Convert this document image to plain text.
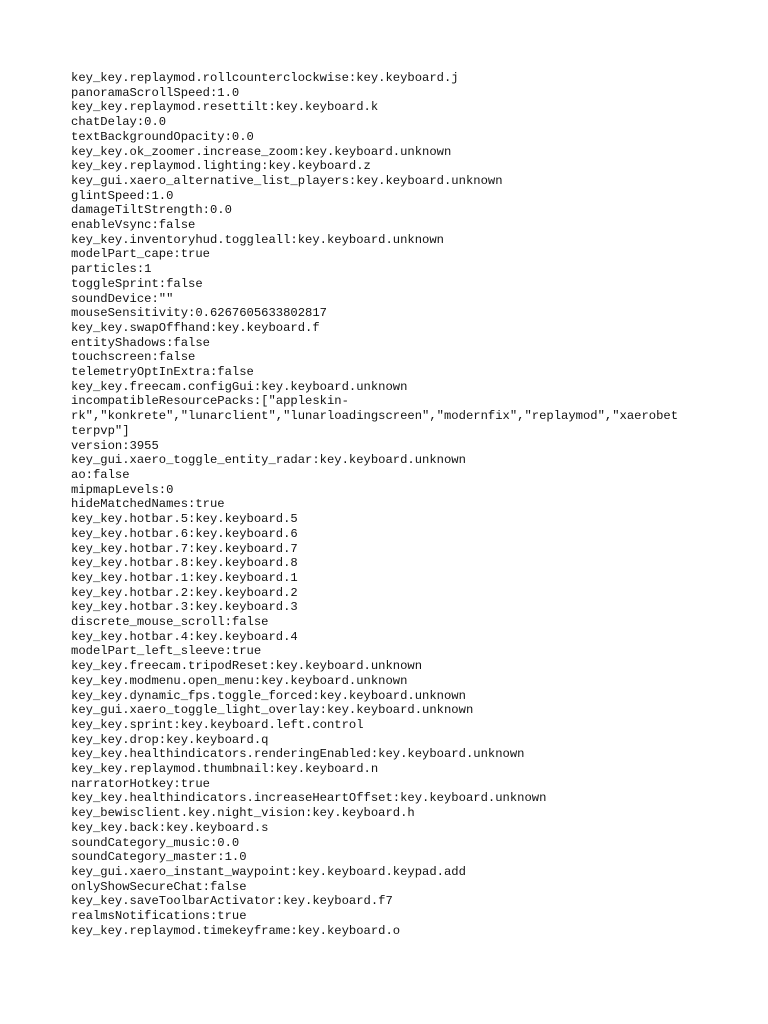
key_key.replaymod.rollcounterclockwise:key.keyboard.j
panoramaScrollSpeed:1.0
key_key.replaymod.resettilt:key.keyboard.k
chatDelay:0.0
textBackgroundOpacity:0.0
key_key.ok_zoomer.increase_zoom:key.keyboard.unknown
key_key.replaymod.lighting:key.keyboard.z
key_gui.xaero_alternative_list_players:key.keyboard.unknown
glintSpeed:1.0
damageTiltStrength:0.0
enableVsync:false
key_key.inventoryhud.toggleall:key.keyboard.unknown
modelPart_cape:true
particles:1
toggleSprint:false
soundDevice:""
mouseSensitivity:0.6267605633802817
key_key.swapOffhand:key.keyboard.f
entityShadows:false
touchscreen:false
telemetryOptInExtra:false
key_key.freecam.configGui:key.keyboard.unknown
incompatibleResourcePacks:["appleskin-
rk","konkrete","lunarclient","lunarloadingscreen","modernfix","replaymod","xaerobet
terpvp"]
version:3955
key_gui.xaero_toggle_entity_radar:key.keyboard.unknown
ao:false
mipmapLevels:0
hideMatchedNames:true
key_key.hotbar.5:key.keyboard.5
key_key.hotbar.6:key.keyboard.6
key_key.hotbar.7:key.keyboard.7
key_key.hotbar.8:key.keyboard.8
key_key.hotbar.1:key.keyboard.1
key_key.hotbar.2:key.keyboard.2
key_key.hotbar.3:key.keyboard.3
discrete_mouse_scroll:false
key_key.hotbar.4:key.keyboard.4
modelPart_left_sleeve:true
key_key.freecam.tripodReset:key.keyboard.unknown
key_key.modmenu.open_menu:key.keyboard.unknown
key_key.dynamic_fps.toggle_forced:key.keyboard.unknown
key_gui.xaero_toggle_light_overlay:key.keyboard.unknown
key_key.sprint:key.keyboard.left.control
key_key.drop:key.keyboard.q
key_key.healthindicators.renderingEnabled:key.keyboard.unknown
key_key.replaymod.thumbnail:key.keyboard.n
narratorHotkey:true
key_key.healthindicators.increaseHeartOffset:key.keyboard.unknown
key_bewisclient.key.night_vision:key.keyboard.h
key_key.back:key.keyboard.s
soundCategory_music:0.0
soundCategory_master:1.0
key_gui.xaero_instant_waypoint:key.keyboard.keypad.add
onlyShowSecureChat:false
key_key.saveToolbarActivator:key.keyboard.f7
realmsNotifications:true
key_key.replaymod.timekeyframe:key.keyboard.o
